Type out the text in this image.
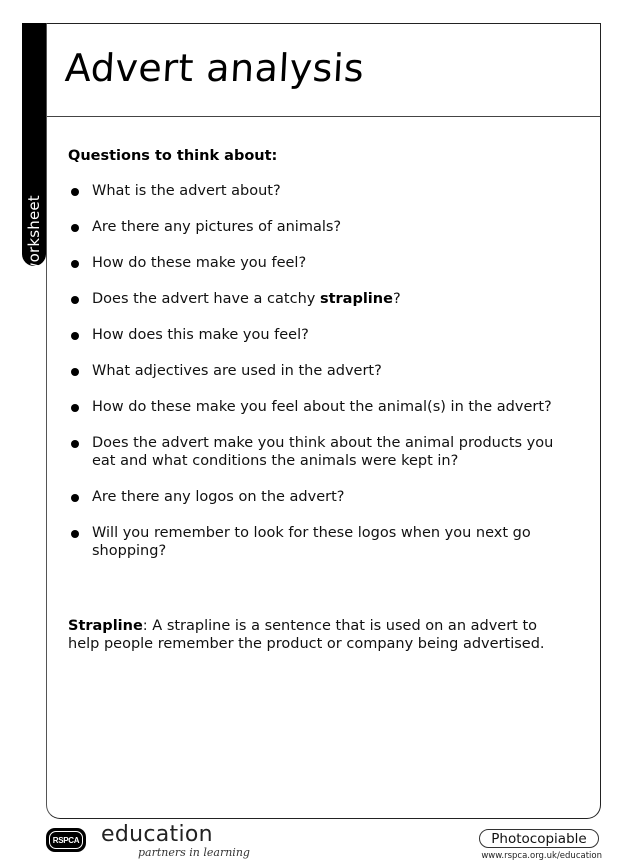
worksheet
Advert analysis
Questions to think about:
What is the advert about?
Are there any pictures of animals?
How do these make you feel?
Does the advert have a catchy strapline?
How does this make you feel?
What adjectives are used in the advert?
How do these make you feel about the animal(s) in the advert?
Does the advert make you think about the animal products you eat and what conditions the animals were kept in?
Are there any logos on the advert?
Will you remember to look for these logos when you next go shopping?
Strapline: A strapline is a sentence that is used on an advert to help people remember the product or company being advertised.
RSPCA education
partners in learning
Photocopiable
www.rspca.org.uk/education
